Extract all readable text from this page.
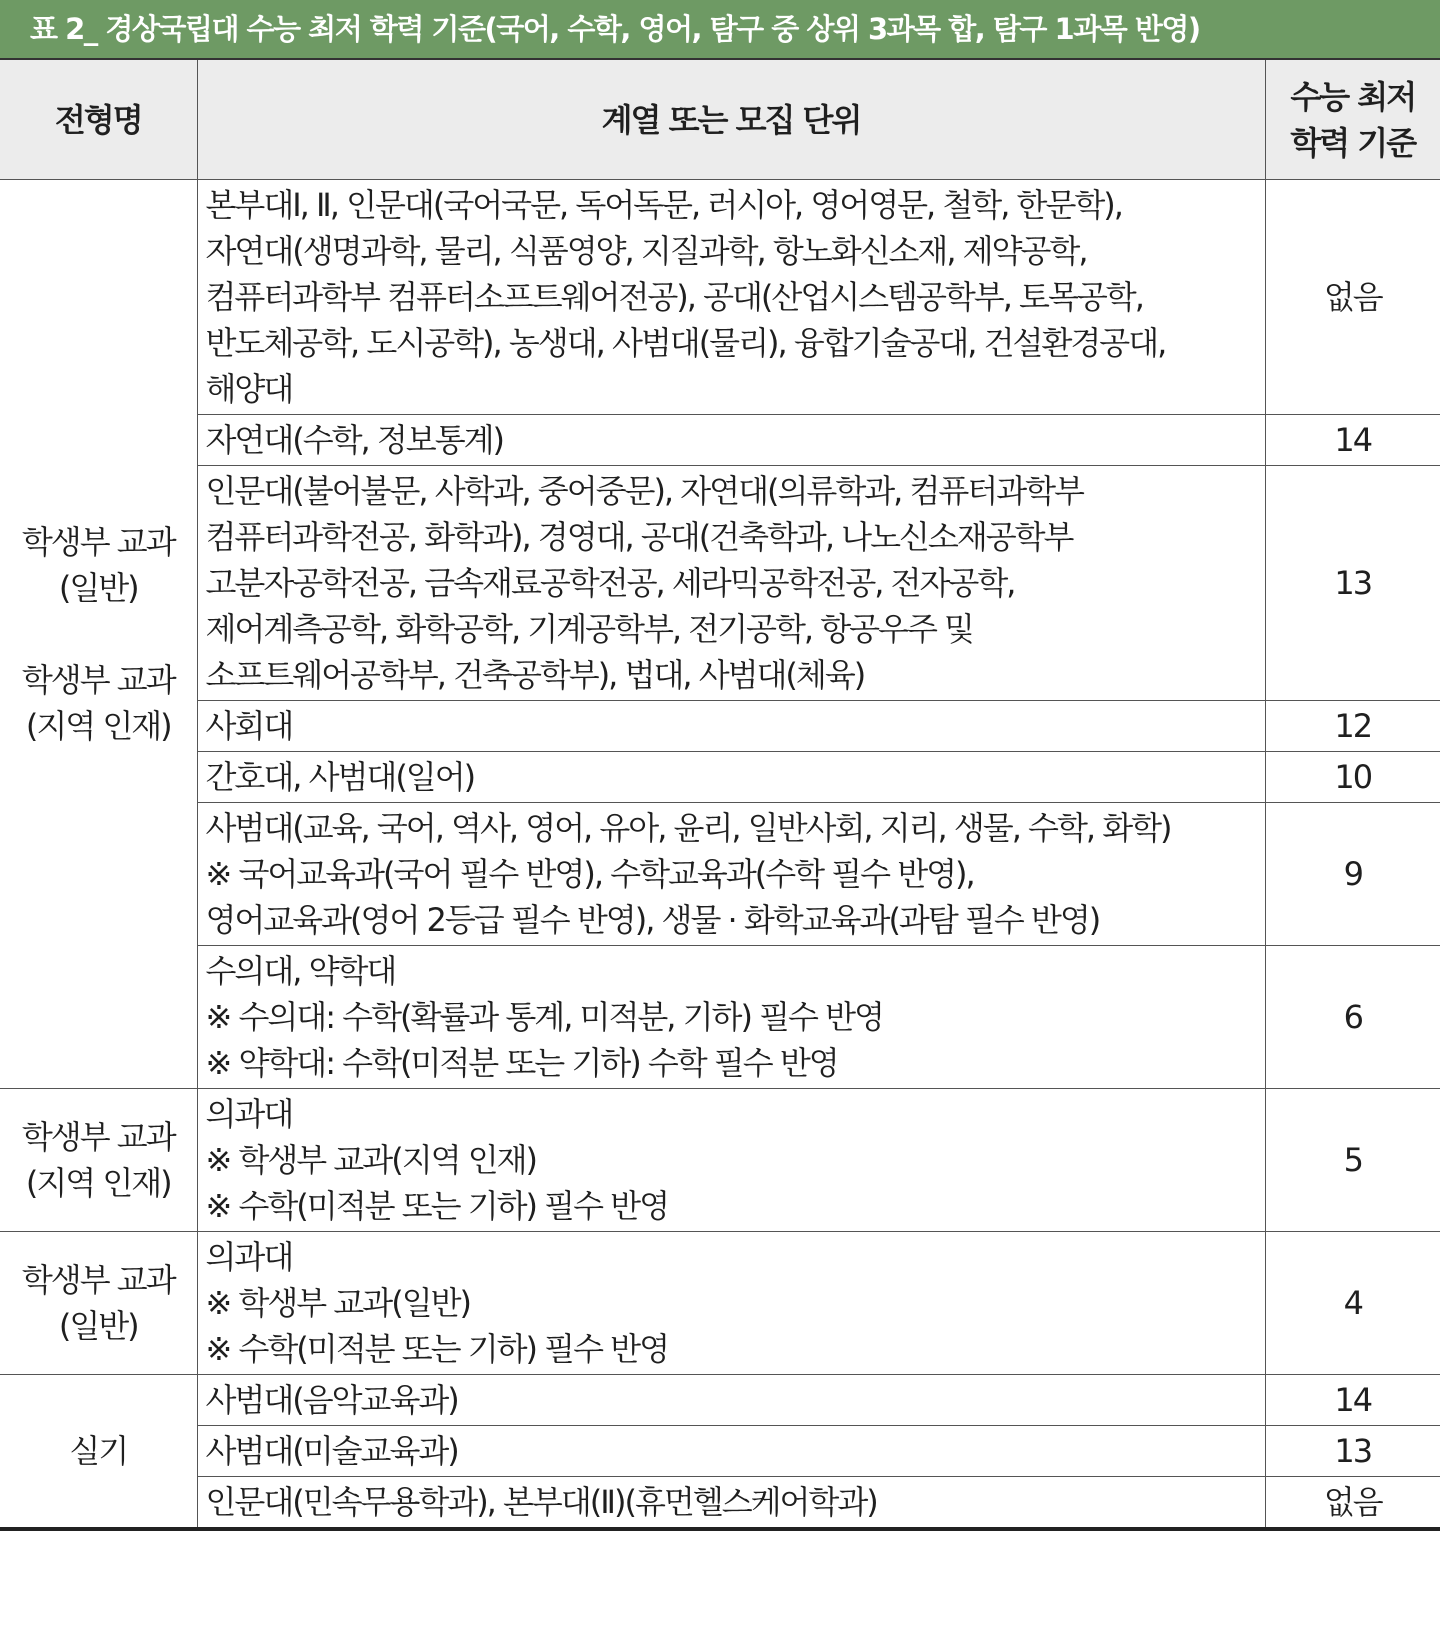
표 2_ 경상국립대 수능 최저 학력 기준(국어, 수학, 영어, 탐구 중 상위 3과목 합, 탐구 1과목 반영)
전형명	계열 또는 모집 단위	수능 최저
학력 기준

학생부 교과
(일반)
학생부 교과
(지역 인재)	본부대Ⅰ, Ⅱ, 인문대(국어국문, 독어독문, 러시아, 영어영문, 철학, 한문학),
자연대(생명과학, 물리, 식품영양, 지질과학, 항노화신소재, 제약공학,
컴퓨터과학부 컴퓨터소프트웨어전공), 공대(산업시스템공학부, 토목공학,
반도체공학, 도시공학), 농생대, 사범대(물리), 융합기술공대, 건설환경공대,
해양대	없음

	자연대(수학, 정보통계)	14

	인문대(불어불문, 사학과, 중어중문), 자연대(의류학과, 컴퓨터과학부
컴퓨터과학전공, 화학과), 경영대, 공대(건축학과, 나노신소재공학부
고분자공학전공, 금속재료공학전공, 세라믹공학전공, 전자공학,
제어계측공학, 화학공학, 기계공학부, 전기공학, 항공우주 및
소프트웨어공학부, 건축공학부), 법대, 사범대(체육)	13

	사회대	12

	간호대, 사범대(일어)	10

	사범대(교육, 국어, 역사, 영어, 유아, 윤리, 일반사회, 지리, 생물, 수학, 화학)
※ 국어교육과(국어 필수 반영), 수학교육과(수학 필수 반영),
영어교육과(영어 2등급 필수 반영), 생물 · 화학교육과(과탐 필수 반영)	9

	수의대, 약학대
※ 수의대: 수학(확률과 통계, 미적분, 기하) 필수 반영
※ 약학대: 수학(미적분 또는 기하) 수학 필수 반영	6

학생부 교과
(지역 인재)	의과대
※ 학생부 교과(지역 인재)
※ 수학(미적분 또는 기하) 필수 반영	5

학생부 교과
(일반)	의과대
※ 학생부 교과(일반)
※ 수학(미적분 또는 기하) 필수 반영	4

실기	사범대(음악교육과)	14

	사범대(미술교육과)	13

	인문대(민속무용학과), 본부대(Ⅱ)(휴먼헬스케어학과)	없음
